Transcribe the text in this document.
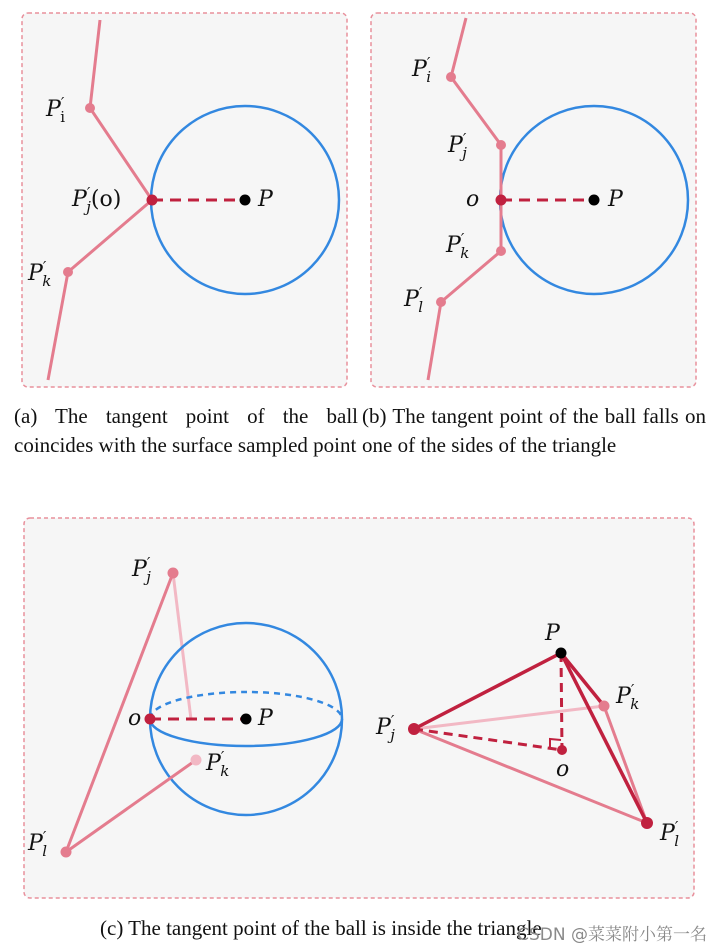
P′ i
P′ j(o)
P′ k
P
P′ i
P′ j
o
P′ k
P′ l
P
P′ j
o	P
P′ k
P′ l
P
P′ k
P′ j
o
P′ l
(a) The tangent point of the ball coincides with the surface sampled point
(b) The tangent point of the ball falls on one of the sides of the triangle
(c) The tangent point of the ball is inside the triangle
CSDN @菜菜附小第一名
